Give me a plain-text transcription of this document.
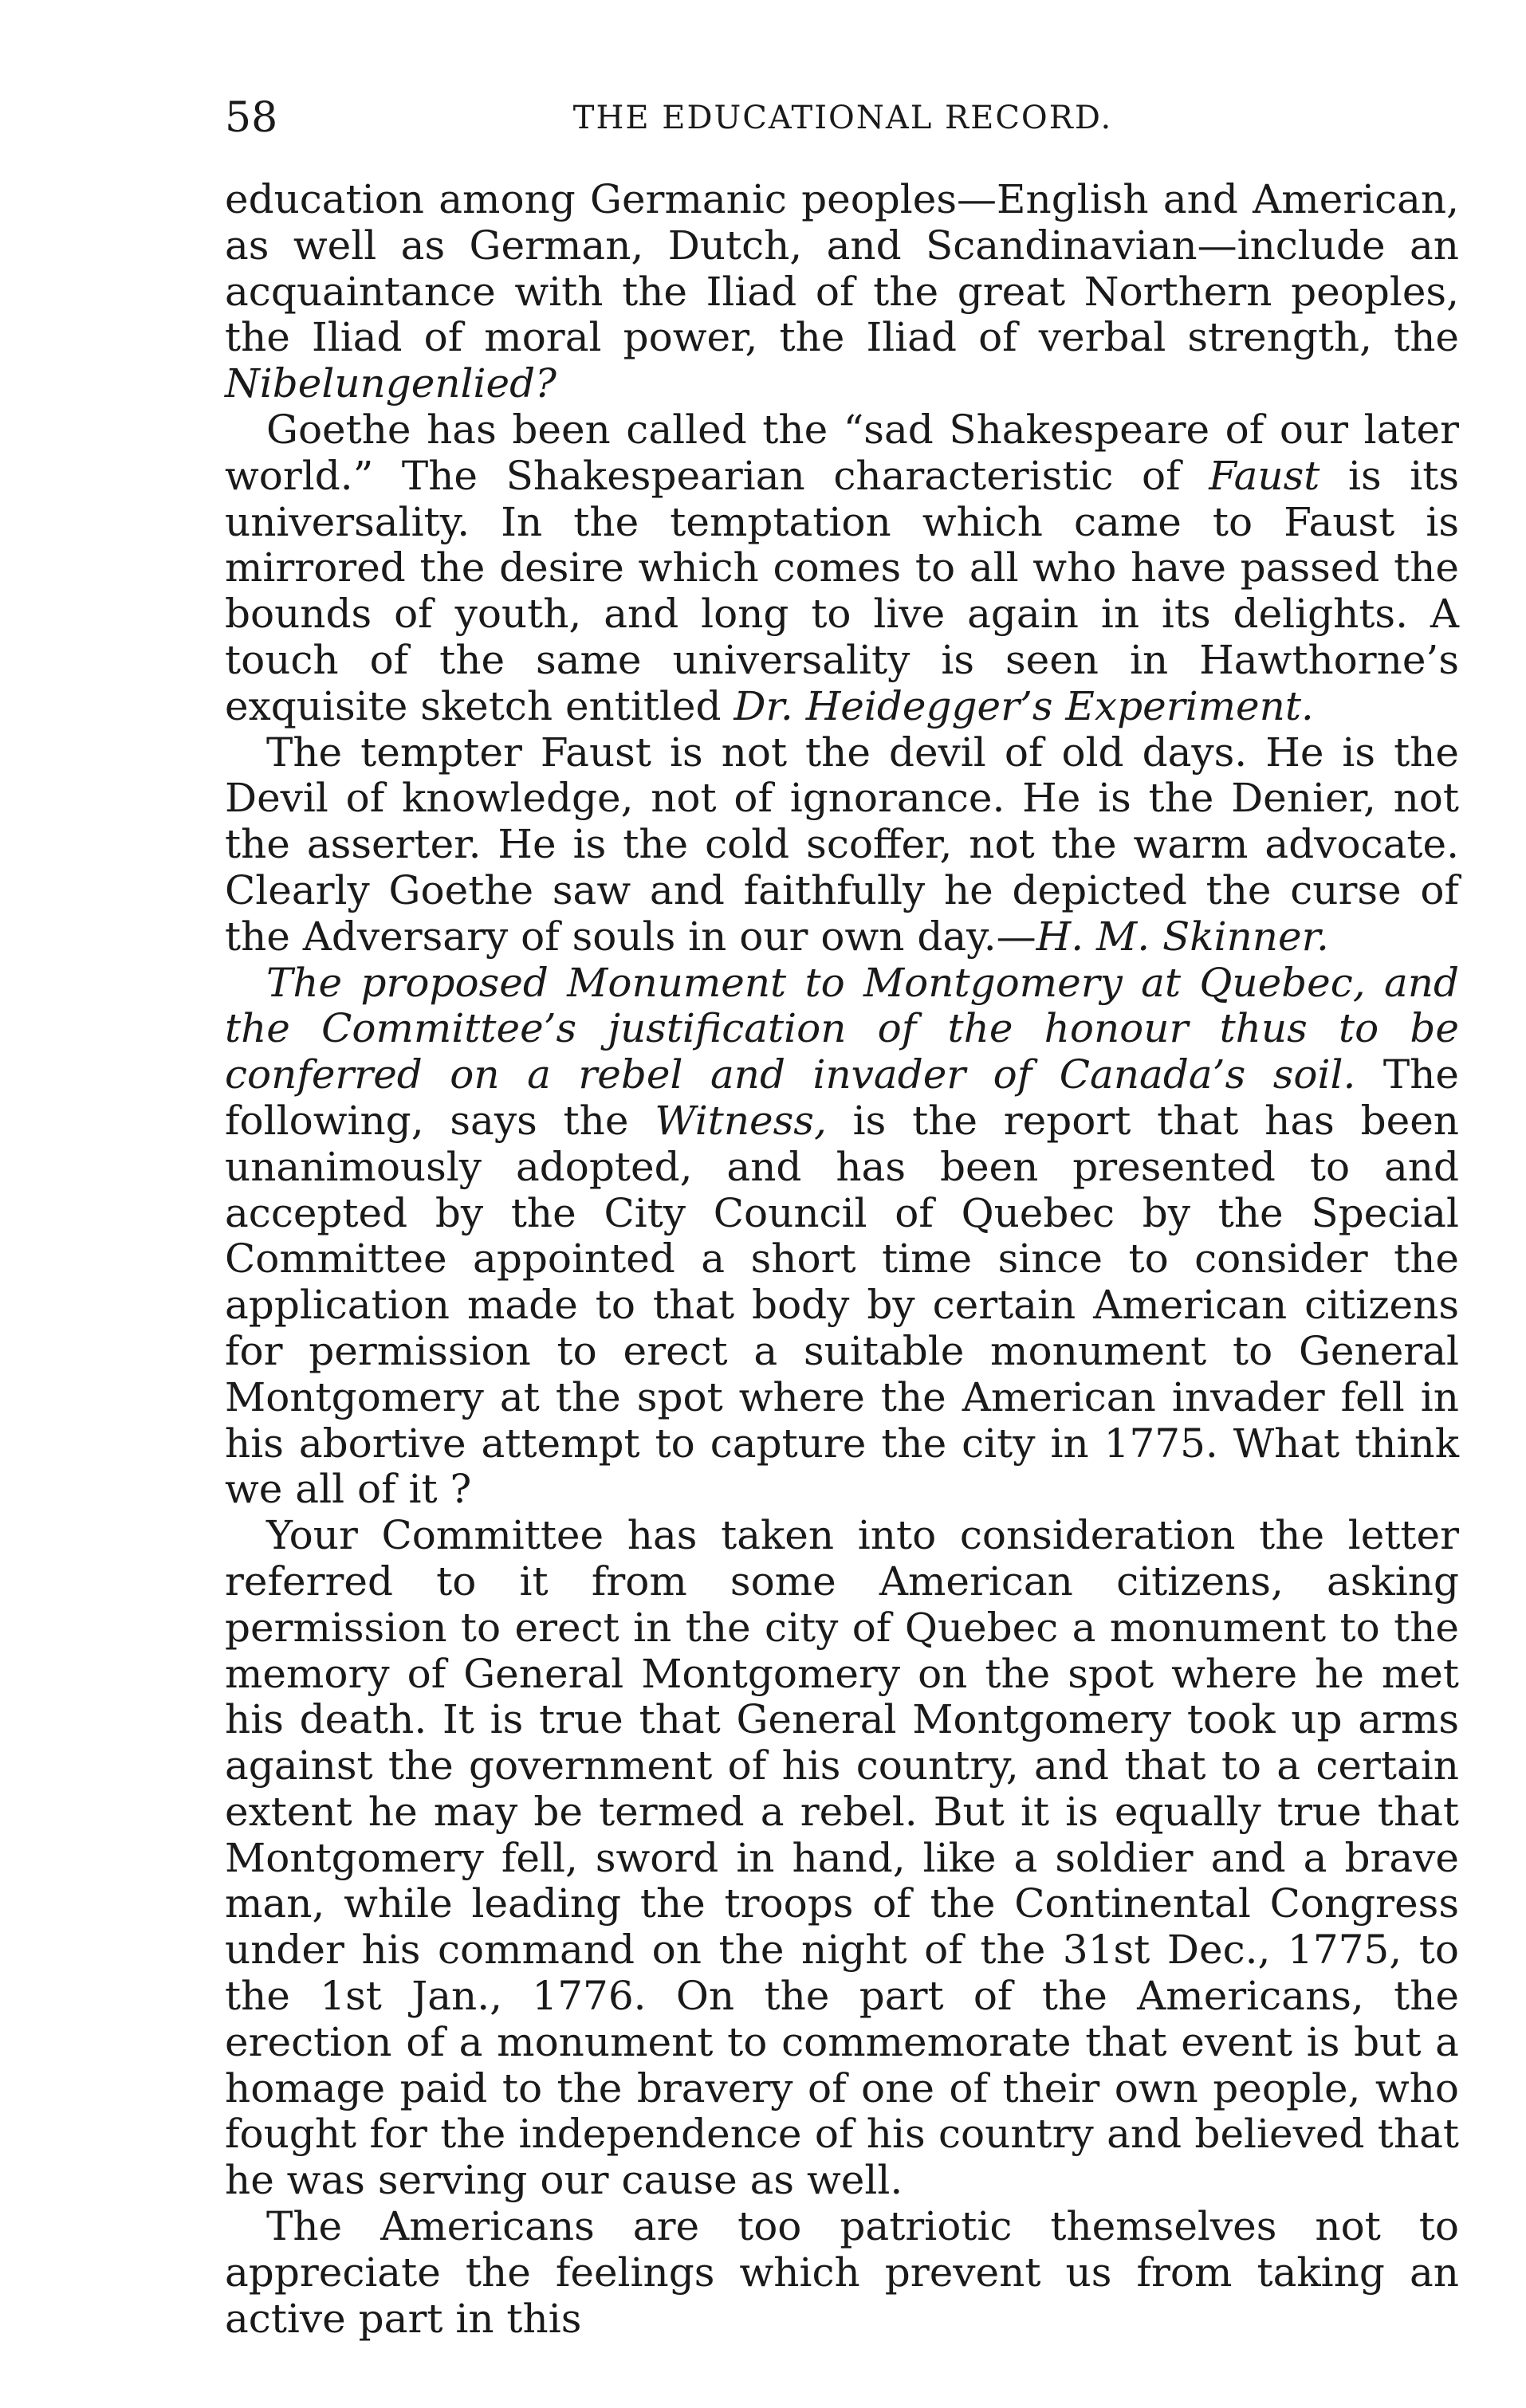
58	THE EDUCATIONAL RECORD.

education among Germanic peoples—English and American, as well as German, Dutch, and Scandinavian—include an acquaintance with the Iliad of the great Northern peoples, the Iliad of moral power, the Iliad of verbal strength, the Nibelungenlied?

Goethe has been called the “sad Shakespeare of our later world.” The Shakespearian characteristic of Faust is its universality. In the temptation which came to Faust is mirrored the desire which comes to all who have passed the bounds of youth, and long to live again in its delights. A touch of the same universality is seen in Hawthorne’s exquisite sketch entitled Dr. Heidegger’s Experiment.

The tempter Faust is not the devil of old days. He is the Devil of knowledge, not of ignorance. He is the Denier, not the asserter. He is the cold scoffer, not the warm advocate. Clearly Goethe saw and faithfully he depicted the curse of the Adversary of souls in our own day.—H. M. Skinner.

The proposed Monument to Montgomery at Quebec, and the Committee’s justification of the honour thus to be conferred on a rebel and invader of Canada’s soil. The following, says the Witness, is the report that has been unanimously adopted, and has been presented to and accepted by the City Council of Quebec by the Special Committee appointed a short time since to consider the application made to that body by certain American citizens for permission to erect a suitable monument to General Montgomery at the spot where the American invader fell in his abortive attempt to capture the city in 1775. What think we all of it ?

Your Committee has taken into consideration the letter referred to it from some American citizens, asking permission to erect in the city of Quebec a monument to the memory of General Montgomery on the spot where he met his death. It is true that General Montgomery took up arms against the government of his country, and that to a certain extent he may be termed a rebel. But it is equally true that Montgomery fell, sword in hand, like a soldier and a brave man, while leading the troops of the Continental Congress under his command on the night of the 31st Dec., 1775, to the 1st Jan., 1776. On the part of the Americans, the erection of a monument to commemorate that event is but a homage paid to the bravery of one of their own people, who fought for the independence of his country and believed that he was serving our cause as well.

The Americans are too patriotic themselves not to appreciate the feelings which prevent us from taking an active part in this
